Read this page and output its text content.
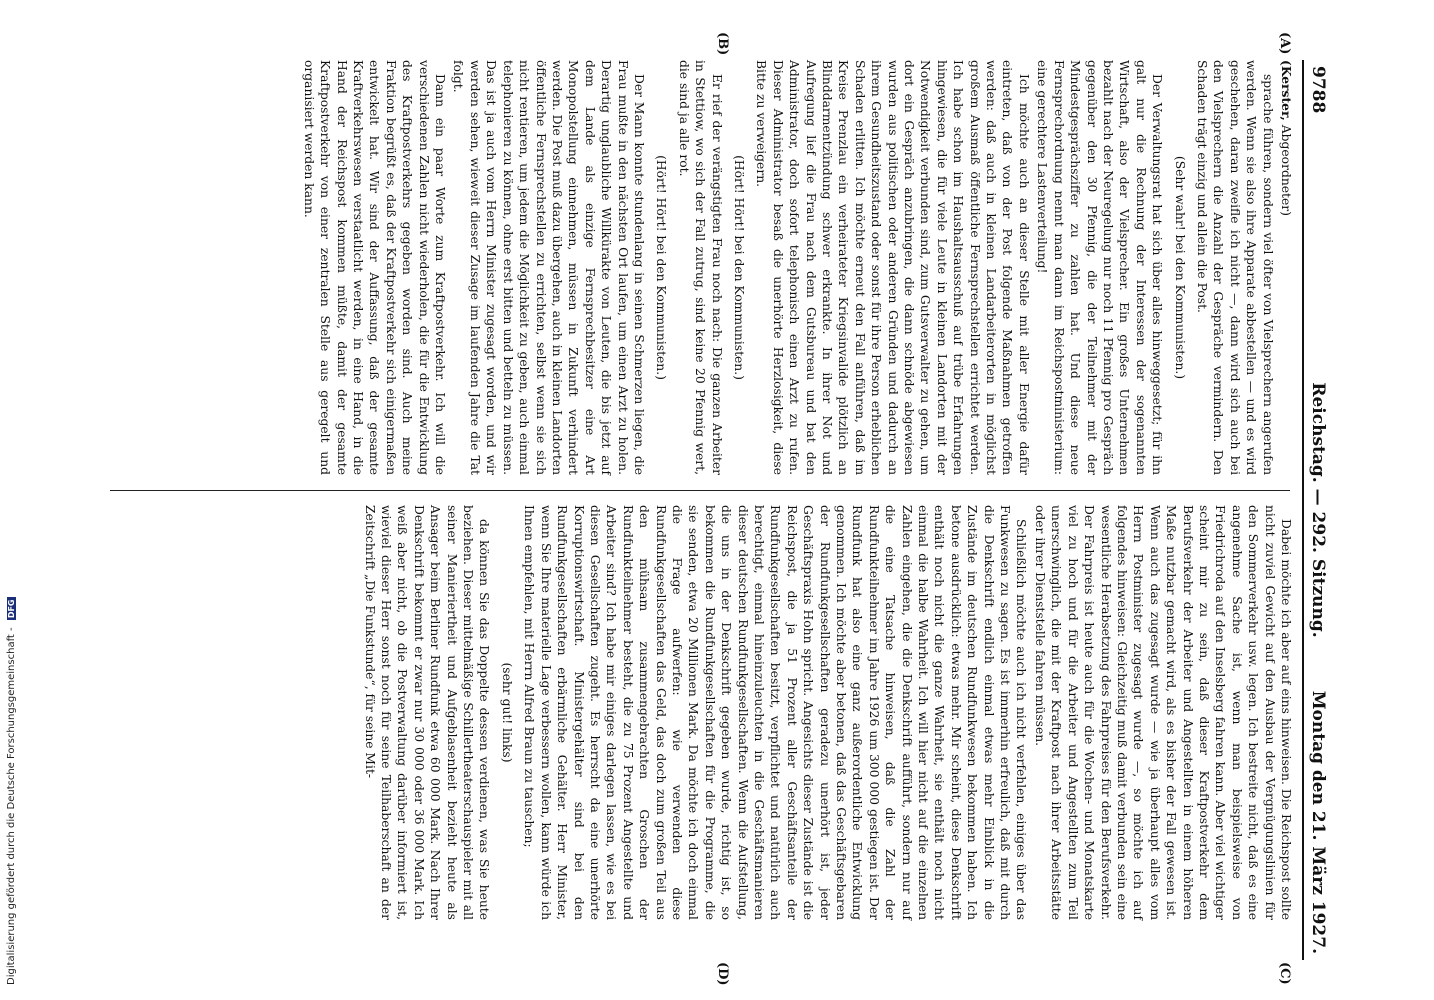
9788
Reichstag. — 292. Sitzung.
Montag den 21. März 1927.
(A)
(B)
(C)
(D)

(Kerster, Abgeordneter)

sprache führen, sondern viel öfter von Vielsprechern angerufen werden. Wenn sie also ihre Apparate abbestellen — und es wird geschehen, daran zweifle ich nicht —, dann wird sich auch bei den Vielsprechern die Anzahl der Gespräche vermindern. Den Schaden trägt einzig und allein die Post.

(Sehr wahr! bei den Kommunisten.)

Der Verwaltungsrat hat sich über alles hinweggesetzt; für ihn galt nur die Rechnung der Interessen der sogenannten Wirtschaft, also der Vielsprecher. Ein großes Unternehmen bezahlt nach der Neuregelung nur noch 11 Pfennig pro Gespräch gegenüber den 30 Pfennig, die der Teilnehmer mit der Mindestgesprächsziffer zu zahlen hat. Und diese neue Fernsprechordnung nennt man dann im Reichspostministerium: eine gerechtere Lastenverteilung!

Ich möchte auch an dieser Stelle mit aller Energie dafür eintreten, daß von der Post folgende Maßnahmen getroffen werden: daß auch in kleinen Landarbeiterorten in möglichst großem Ausmaß öffentliche Fernsprechstellen errichtet werden. Ich habe schon im Haushaltsausschuß auf trübe Erfahrungen hingewiesen, die für viele Leute in kleinen Landorten mit der Notwendigkeit verbunden sind, zum Gutsverwalter zu gehen, um dort ein Gespräch anzubringen, die dann schnöde abgewiesen wurden aus politischen oder anderen Gründen und dadurch an ihrem Gesundheitszustand oder sonst für ihre Person erheblichen Schaden erlitten. Ich möchte erneut den Fall anführen, daß im Kreise Prenzlau ein verheirateter Kriegsinvalide plötzlich an Blinddarmentzündung schwer erkrankte. In ihrer Not und Aufregung lief die Frau nach dem Gutsbureau und bat den Administrator, doch sofort telephonisch einen Arzt zu rufen. Dieser Administrator besaß die unerhörte Herzlosigkeit, diese Bitte zu verweigern.

(Hört! Hört! bei den Kommunisten.)

Er rief der verängstigten Frau noch nach: Die ganzen Arbeiter in Stettiow, wo sich der Fall zutrug, sind keine 20 Pfennig wert, die sind ja alle rot.

(Hört! Hört! bei den Kommunisten.)

Der Mann konnte stundenlang in seinen Schmerzen liegen, die Frau mußte in den nächsten Ort laufen, um einen Arzt zu holen. Derartig unglaubliche Willkürakte von Leuten, die bis jetzt auf dem Lande als einzige Fernsprechbesitzer eine Art Monopolstellung einnehmen, müssen in Zukunft verhindert werden. Die Post muß dazu übergehen, auch in kleinen Landorten öffentliche Fernsprechstellen zu errichten, selbst wenn sie sich nicht rentieren, um jedem die Möglichkeit zu geben, auch einmal telephonieren zu können, ohne erst bitten und betteln zu müssen. Das ist ja auch vom Herrn Minister zugesagt worden, und wir werden sehen, wieweit dieser Zusage im laufenden Jahre die Tat folgt.

Dann ein paar Worte zum Kraftpostverkehr. Ich will die verschiedenen Zahlen nicht wiederholen, die für die Entwicklung des Kraftpostverkehrs gegeben worden sind. Auch meine Fraktion begrüßt es, daß der Kraftpostverkehr sich einigermaßen entwickelt hat. Wir sind der Auffassung, daß der gesamte Kraftverkehrswesen verstaatlicht werden, in eine Hand, in die Hand der Reichspost kommen müßte, damit der gesamte Kraftpostverkehr von einer zentralen Stelle aus geregelt und organisiert werden kann.

Dabei möchte ich aber auf eins hinweisen. Die Reichspost sollte nicht zuviel Gewicht auf den Ausbau der Vergnügungslinien für den Sommerverkehr usw. legen. Ich bestreite nicht, daß es eine angenehme Sache ist, wenn man beispielsweise von Friedrichroda auf den Inselsberg fahren kann. Aber viel wichtiger scheint mir zu sein, daß dieser Kraftpostverkehr dem Berufsverkehr der Arbeiter und Angestellten in einem höheren Maße nutzbar gemacht wird, als es bisher der Fall gewesen ist. Wenn auch das zugesagt wurde — wie ja überhaupt alles vom Herrn Postminister zugesagt wurde —, so möchte ich auf folgendes hinweisen: Gleichzeitig muß damit verbunden sein eine wesentliche Herabsetzung des Fahrpreises für den Berufsverkehr. Der Fahrpreis ist heute auch für die Wochen- und Monatskarte viel zu hoch und für die Arbeiter und Angestellten zum Teil unerschwinglich, die mit der Kraftpost nach ihrer Arbeitsstätte oder ihrer Dienststelle fahren müssen.

Schließlich möchte auch ich nicht verfehlen, einiges über das Funkwesen zu sagen. Es ist immerhin erfreulich, daß mit durch die Denkschrift endlich einmal etwas mehr Einblick in die Zustände im deutschen Rundfunkwesen bekommen haben. Ich betone ausdrücklich: etwas mehr. Mir scheint, diese Denkschrift enthält noch nicht die ganze Wahrheit, sie enthält noch nicht einmal die halbe Wahrheit. Ich will hier nicht auf die einzelnen Zahlen eingehen, die die Denkschrift aufführt, sondern nur auf die eine Tatsache hinweisen, daß die Zahl der Rundfunkteilnehmer im Jahre 1926 um 300 000 gestiegen ist. Der Rundfunk hat also eine ganz außerordentliche Entwicklung genommen. Ich möchte aber betonen, daß das Geschäftsgebaren der Rundfunkgesellschaften geradezu unerhört ist, jeder Geschäftspraxis Hohn spricht. Angesichts dieser Zustände ist die Reichspost, die ja 51 Prozent aller Geschäftsanteile der Rundfunkgesellschaften besitzt, verpflichtet und natürlich auch berechtigt, einmal hineinzuleuchten in die Geschäftsmanieren dieser deutschen Rundfunkgesellschaften. Wenn die Aufstellung, die uns in der Denkschrift gegeben wurde, richtig ist, so bekommen die Rundfunkgesellschaften für die Programme, die sie senden, etwa 20 Millionen Mark. Da möchte ich doch einmal die Frage aufwerfen: wie verwenden diese Rundfunkgesellschaften das Geld, das doch zum großen Teil aus den mühsam zusammengebrachten Groschen der Rundfunkteilnehmer besteht, die zu 75 Prozent Angestellte und Arbeiter sind? Ich habe mir einiges darlegen lassen, wie es bei diesen Gesellschaften zugeht. Es herrscht da eine unerhörte Korruptionswirtschaft. Ministergehälter sind bei den Rundfunkgesellschaften erbärmliche Gehälter. Herr Minister, wenn Sie Ihre materielle Lage verbessern wollen, kann würde ich Ihnen empfehlen, mit Herrn Alfred Braun zu tauschen;

(sehr gut! links)

da können Sie das Doppelte dessen verdienen, was Sie heute beziehen. Dieser mittelmäßige Schillertheaterschauspieler mit all seiner Manieriertheit und Aufgeblasenheit bezieht heute als Ansager beim Berliner Rundfunk etwa 60 000 Mark. Nach Ihrer Denkschrift bekommt er zwar nur 30 000 oder 36 000 Mark. Ich weiß aber nicht, ob die Postverwaltung darüber informiert ist, wieviel dieser Herr sonst noch für seine Teilhaberschaft an der Zeitschrift „Die Funkstunde“, für seine Mit-

Digitalisierung gefördert durch die Deutsche Forschungsgemeinschaft - DFG
